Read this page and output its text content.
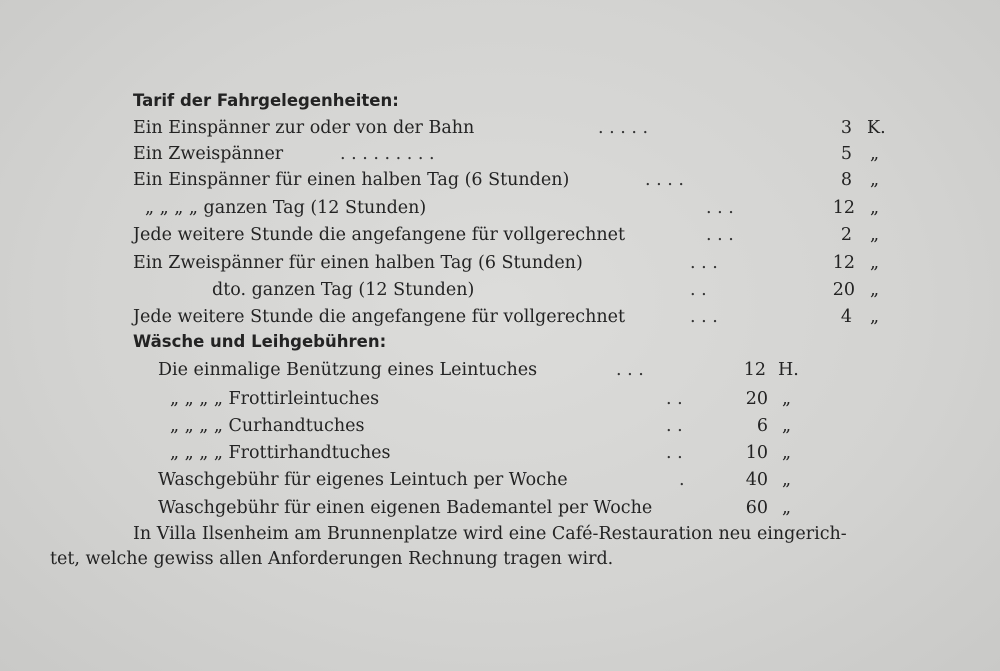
Tarif der Fahrgelegenheiten:
Ein Einspänner zur oder von der Bahn	. . . . .	3 K.
Ein Zweispänner	. . . . . . . . .	5 „
Ein Einspänner für einen halben Tag (6 Stunden)	. . . .	8 „
„ „ „ „ ganzen Tag (12 Stunden)	. . .	12 „
Jede weitere Stunde die angefangene für vollgerechnet	. . .	2 „
Ein Zweispänner für einen halben Tag (6 Stunden)	. . .	12 „
dto. ganzen Tag (12 Stunden)	. .	20 „
Jede weitere Stunde die angefangene für vollgerechnet	. . .	4 „
Wäsche und Leihgebühren:
Die einmalige Benützung eines Leintuches	. . .	12 H.
„ „ „ „ Frottirleintuches	. .	20 „
„ „ „ „ Curhandtuches	. .	6 „
„ „ „ „ Frottirhandtuches	. .	10 „
Waschgebühr für eigenes Leintuch per Woche	.	40 „
Waschgebühr für einen eigenen Bademantel per Woche	60 „
In Villa Ilsenheim am Brunnenplatze wird eine Café-Restauration neu eingerich-
tet, welche gewiss allen Anforderungen Rechnung tragen wird.
